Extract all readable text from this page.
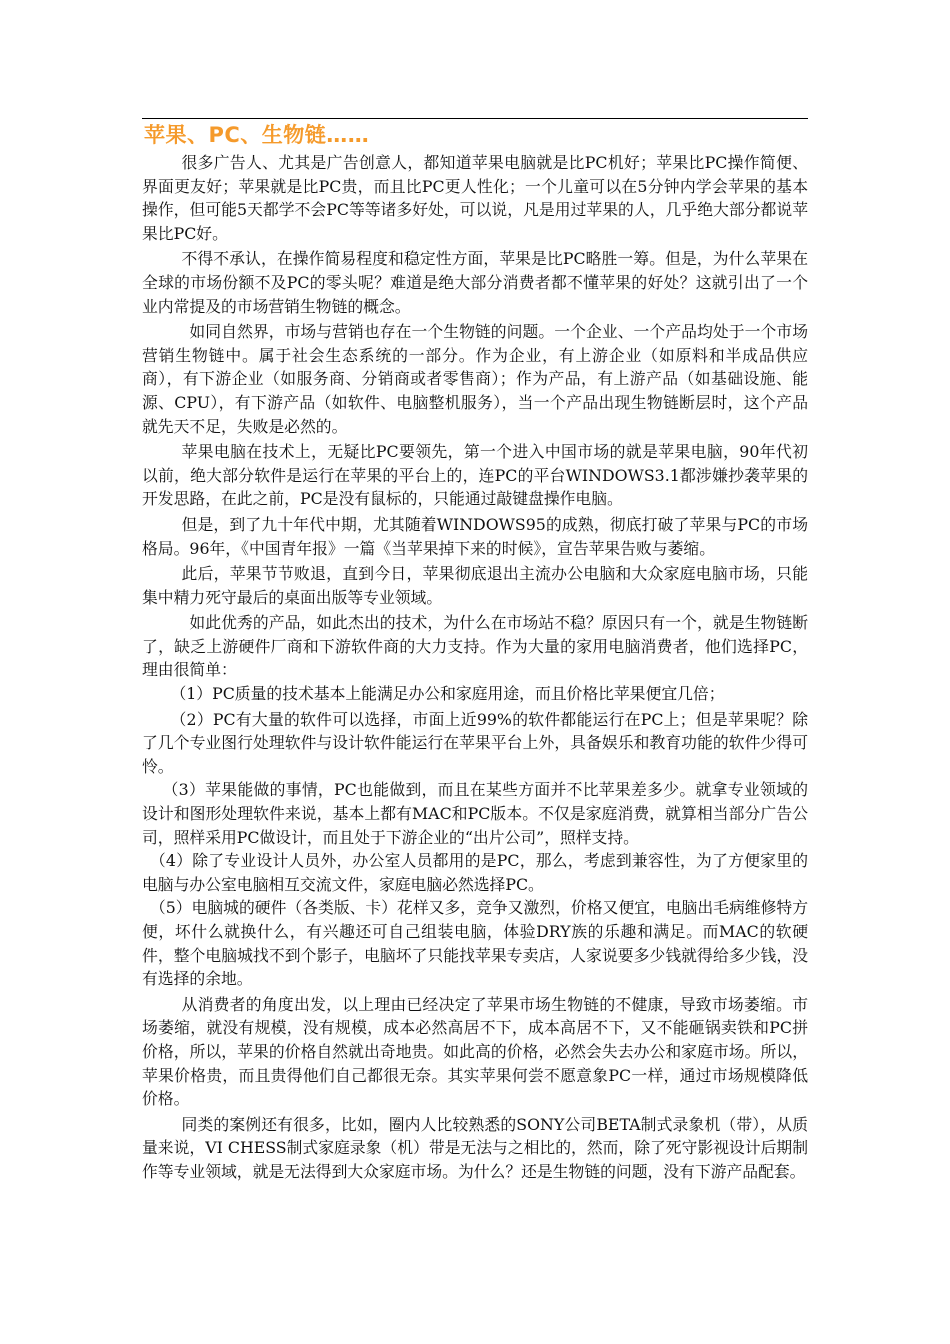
苹果、PC、生物链……

很多广告人、尤其是广告创意人，都知道苹果电脑就是比PC机好；苹果比PC操作简便、界面更友好；苹果就是比PC贵，而且比PC更人性化；一个儿童可以在5分钟内学会苹果的基本操作，但可能5天都学不会PC等等诸多好处，可以说，凡是用过苹果的人，几乎绝大部分都说苹果比PC好。

不得不承认，在操作简易程度和稳定性方面，苹果是比PC略胜一筹。但是，为什么苹果在全球的市场份额不及PC的零头呢？难道是绝大部分消费者都不懂苹果的好处？这就引出了一个业内常提及的市场营销生物链的概念。

如同自然界，市场与营销也存在一个生物链的问题。一个企业、一个产品均处于一个市场营销生物链中。属于社会生态系统的一部分。作为企业，有上游企业（如原料和半成品供应商），有下游企业（如服务商、分销商或者零售商）；作为产品，有上游产品（如基础设施、能源、CPU），有下游产品（如软件、电脑整机服务），当一个产品出现生物链断层时，这个产品就先天不足，失败是必然的。

苹果电脑在技术上，无疑比PC要领先，第一个进入中国市场的就是苹果电脑，90年代初以前，绝大部分软件是运行在苹果的平台上的，连PC的平台WINDOWS3.1都涉嫌抄袭苹果的开发思路，在此之前，PC是没有鼠标的，只能通过敲键盘操作电脑。

但是，到了九十年代中期，尤其随着WINDOWS95的成熟，彻底打破了苹果与PC的市场格局。96年，《中国青年报》一篇《当苹果掉下来的时候》，宣告苹果告败与萎缩。

此后，苹果节节败退，直到今日，苹果彻底退出主流办公电脑和大众家庭电脑市场，只能集中精力死守最后的桌面出版等专业领域。

如此优秀的产品，如此杰出的技术，为什么在市场站不稳？原因只有一个，就是生物链断了，缺乏上游硬件厂商和下游软件商的大力支持。作为大量的家用电脑消费者，他们选择PC，理由很简单：

（1）PC质量的技术基本上能满足办公和家庭用途，而且价格比苹果便宜几倍；

（2）PC有大量的软件可以选择，市面上近99%的软件都能运行在PC上；但是苹果呢？除了几个专业图行处理软件与设计软件能运行在苹果平台上外，具备娱乐和教育功能的软件少得可怜。

（3）苹果能做的事情，PC也能做到，而且在某些方面并不比苹果差多少。就拿专业领域的设计和图形处理软件来说，基本上都有MAC和PC版本。不仅是家庭消费，就算相当部分广告公司，照样采用PC做设计，而且处于下游企业的“出片公司”，照样支持。

（4）除了专业设计人员外，办公室人员都用的是PC，那么，考虑到兼容性，为了方便家里的电脑与办公室电脑相互交流文件，家庭电脑必然选择PC。

（5）电脑城的硬件（各类版、卡）花样又多，竞争又激烈，价格又便宜，电脑出毛病维修特方便，坏什么就换什么，有兴趣还可自己组装电脑，体验DRY族的乐趣和满足。而MAC的软硬件，整个电脑城找不到个影子，电脑坏了只能找苹果专卖店，人家说要多少钱就得给多少钱，没有选择的余地。

从消费者的角度出发，以上理由已经决定了苹果市场生物链的不健康，导致市场萎缩。市场萎缩，就没有规模，没有规模，成本必然高居不下，成本高居不下，又不能砸锅卖铁和PC拼价格，所以，苹果的价格自然就出奇地贵。如此高的价格，必然会失去办公和家庭市场。所以，苹果价格贵，而且贵得他们自己都很无奈。其实苹果何尝不愿意象PC一样，通过市场规模降低价格。

同类的案例还有很多，比如，圈内人比较熟悉的SONY公司BETA制式录象机（带），从质量来说，VI CHESS制式家庭录象（机）带是无法与之相比的，然而，除了死守影视设计后期制作等专业领域，就是无法得到大众家庭市场。为什么？还是生物链的问题，没有下游产品配套。
